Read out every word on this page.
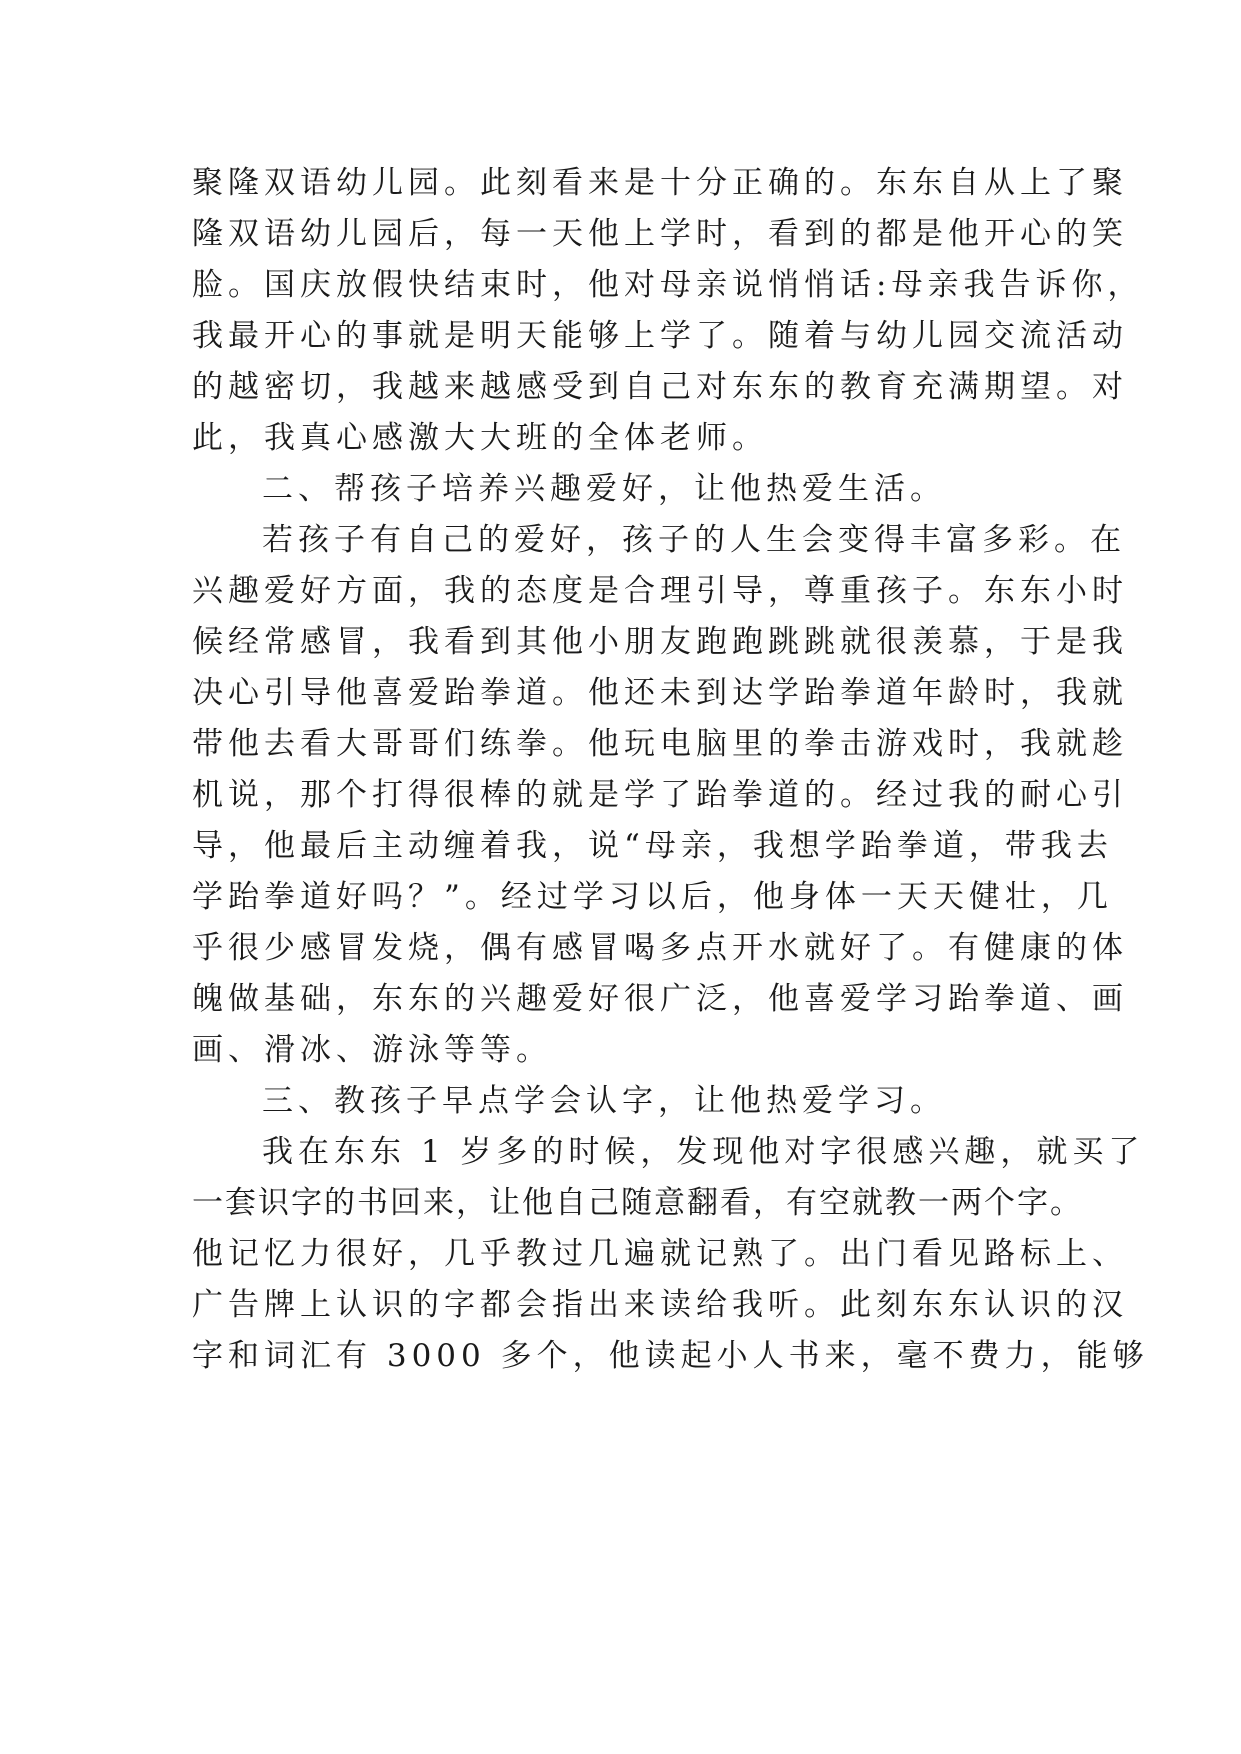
聚隆双语幼儿园。此刻看来是十分正确的。东东自从上了聚
隆双语幼儿园后，每一天他上学时，看到的都是他开心的笑
脸。国庆放假快结束时，他对母亲说悄悄话:母亲我告诉你，
我最开心的事就是明天能够上学了。随着与幼儿园交流活动
的越密切，我越来越感受到自己对东东的教育充满期望。对
此，我真心感激大大班的全体老师。
二、帮孩子培养兴趣爱好，让他热爱生活。
若孩子有自己的爱好，孩子的人生会变得丰富多彩。在
兴趣爱好方面，我的态度是合理引导，尊重孩子。东东小时
候经常感冒，我看到其他小朋友跑跑跳跳就很羡慕，于是我
决心引导他喜爱跆拳道。他还未到达学跆拳道年龄时，我就
带他去看大哥哥们练拳。他玩电脑里的拳击游戏时，我就趁
机说，那个打得很棒的就是学了跆拳道的。经过我的耐心引
导，他最后主动缠着我，说“母亲，我想学跆拳道，带我去
学跆拳道好吗？”。经过学习以后，他身体一天天健壮，几
乎很少感冒发烧，偶有感冒喝多点开水就好了。有健康的体
魄做基础，东东的兴趣爱好很广泛，他喜爱学习跆拳道、画
画、滑冰、游泳等等。
三、教孩子早点学会认字，让他热爱学习。
我在东东 1 岁多的时候，发现他对字很感兴趣，就买了
一套识字的书回来，让他自己随意翻看，有空就教一两个字。
他记忆力很好，几乎教过几遍就记熟了。出门看见路标上、
广告牌上认识的字都会指出来读给我听。此刻东东认识的汉
字和词汇有 3000 多个，他读起小人书来，毫不费力，能够
